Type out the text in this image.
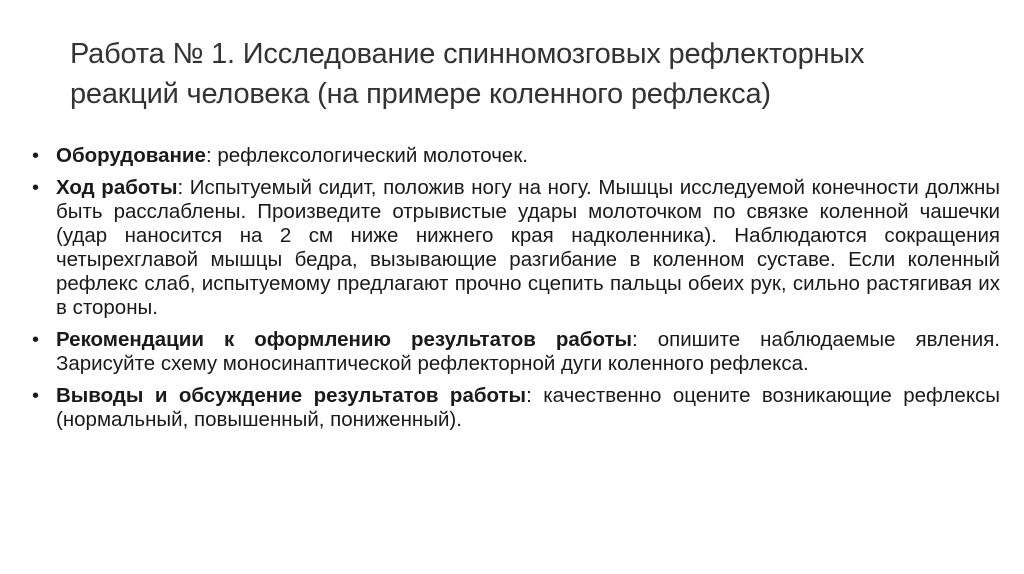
Работа № 1. Исследование спинномозговых рефлекторных реакций человека (на примере коленного рефлекса)
• Оборудование: рефлексологический молоточек.
• Ход работы: Испытуемый сидит, положив ногу на ногу. Мышцы исследуемой конечности должны быть расслаблены. Произведите отрывистые удары молоточком по связке коленной чашечки (удар наносится на 2 см ниже нижнего края надколенника). Наблюдаются сокращения четырехглавой мышцы бедра, вызывающие разгибание в коленном суставе. Если коленный рефлекс слаб, испытуемому предлагают прочно сцепить пальцы обеих рук, сильно растягивая их в стороны.
• Рекомендации к оформлению результатов работы: опишите наблюдаемые явления. Зарисуйте схему моносинаптической рефлекторной дуги коленного рефлекса.
• Выводы и обсуждение результатов работы: качественно оцените возникающие рефлексы (нормальный, повышенный, пониженный).
